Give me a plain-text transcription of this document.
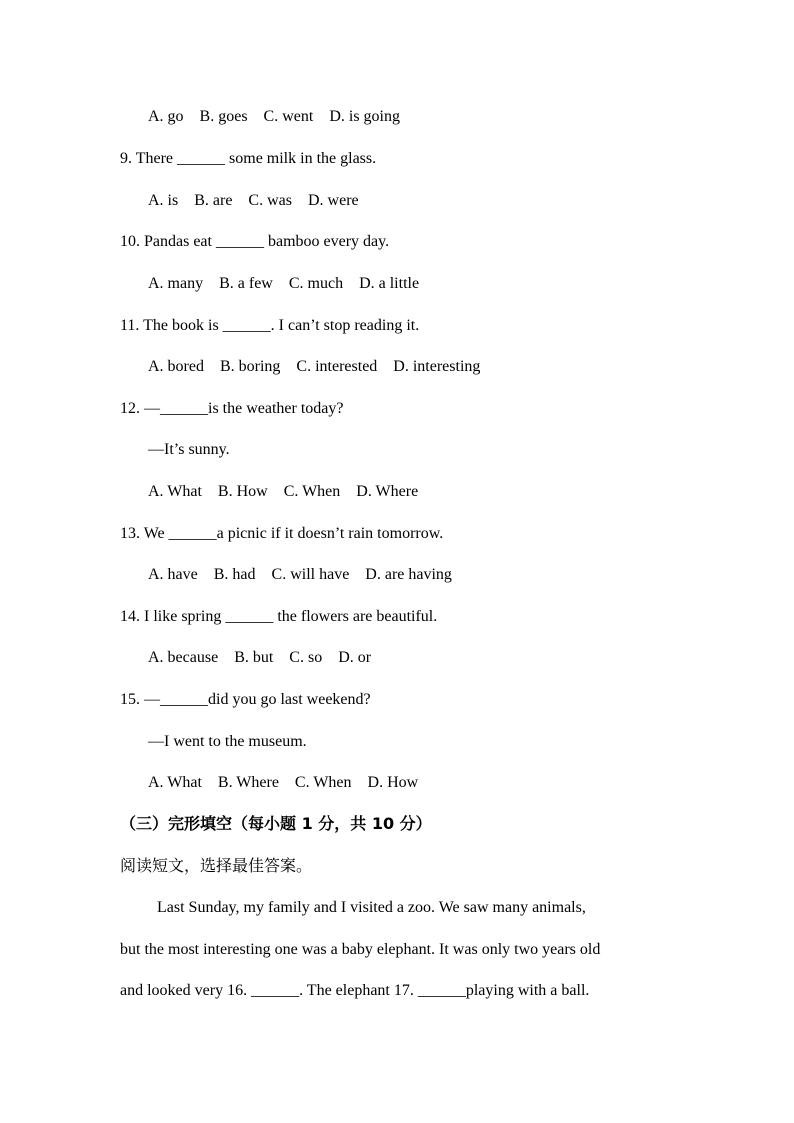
A. go    B. goes    C. went    D. is going
9. There ______ some milk in the glass.
A. is    B. are    C. was    D. were
10. Pandas eat ______ bamboo every day.
A. many    B. a few    C. much    D. a little
11. The book is ______. I can’t stop reading it.
A. bored    B. boring    C. interested    D. interesting
12. —______is the weather today?
—It’s sunny.
A. What    B. How    C. When    D. Where
13. We ______a picnic if it doesn’t rain tomorrow.
A. have    B. had    C. will have    D. are having
14. I like spring ______ the flowers are beautiful.
A. because    B. but    C. so    D. or
15. —______did you go last weekend?
—I went to the museum.
A. What    B. Where    C. When    D. How
（三）完形填空（每小题 1 分，共 10 分）
阅读短文，选择最佳答案。
Last Sunday, my family and I visited a zoo. We saw many animals,
but the most interesting one was a baby elephant. It was only two years old
and looked very 16. ______. The elephant 17. ______playing with a ball.
